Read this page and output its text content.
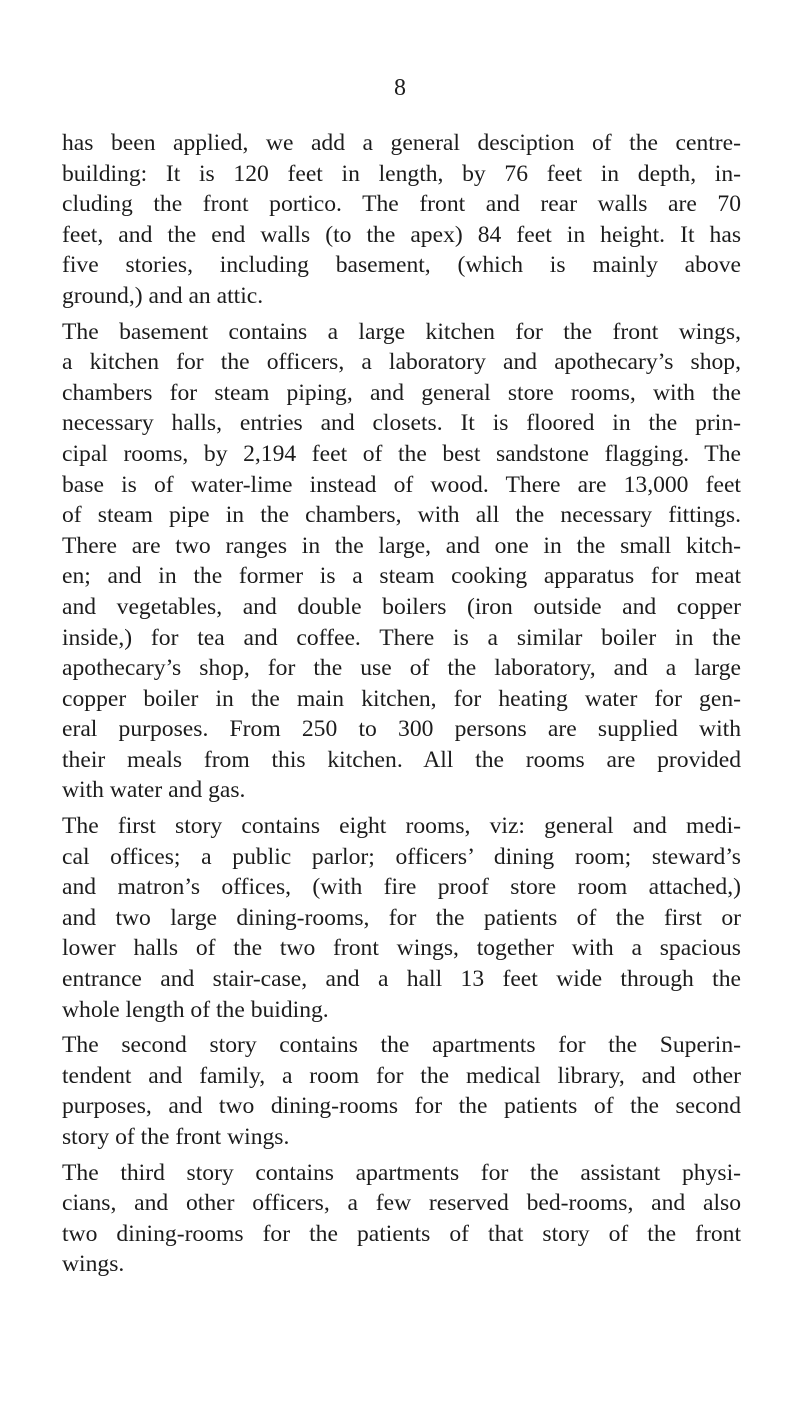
8

has been applied, we add a general desciption of the centre-
building: It is 120 feet in length, by 76 feet in depth, in-
cluding the front portico. The front and rear walls are 70
feet, and the end walls (to the apex) 84 feet in height. It has
five stories, including basement, (which is mainly above
ground,) and an attic.

The basement contains a large kitchen for the front wings,
a kitchen for the officers, a laboratory and apothecary’s shop,
chambers for steam piping, and general store rooms, with the
necessary halls, entries and closets. It is floored in the prin-
cipal rooms, by 2,194 feet of the best sandstone flagging. The
base is of water-lime instead of wood. There are 13,000 feet
of steam pipe in the chambers, with all the necessary fittings.
There are two ranges in the large, and one in the small kitch-
en; and in the former is a steam cooking apparatus for meat
and vegetables, and double boilers (iron outside and copper
inside,) for tea and coffee. There is a similar boiler in the
apothecary’s shop, for the use of the laboratory, and a large
copper boiler in the main kitchen, for heating water for gen-
eral purposes. From 250 to 300 persons are supplied with
their meals from this kitchen. All the rooms are provided
with water and gas.

The first story contains eight rooms, viz: general and medi-
cal offices; a public parlor; officers’ dining room; steward’s
and matron’s offices, (with fire proof store room attached,)
and two large dining-rooms, for the patients of the first or
lower halls of the two front wings, together with a spacious
entrance and stair-case, and a hall 13 feet wide through the
whole length of the buiding.

The second story contains the apartments for the Superin-
tendent and family, a room for the medical library, and other
purposes, and two dining-rooms for the patients of the second
story of the front wings.

The third story contains apartments for the assistant physi-
cians, and other officers, a few reserved bed-rooms, and also
two dining-rooms for the patients of that story of the front
wings.
